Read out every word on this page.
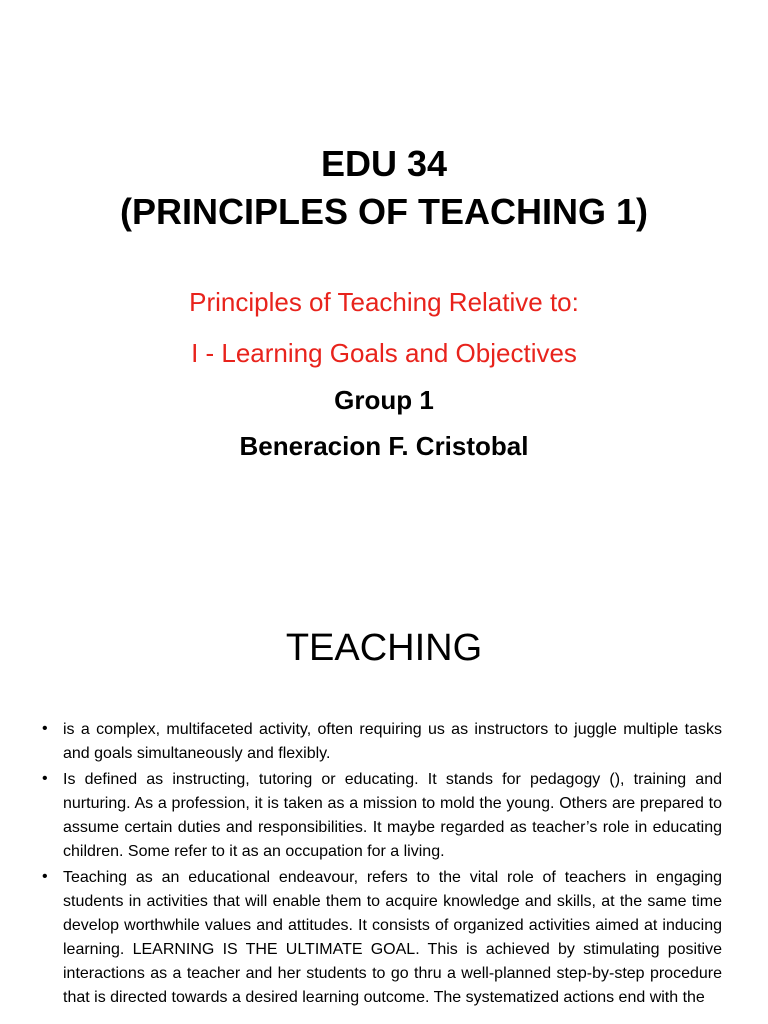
EDU 34
(PRINCIPLES OF TEACHING 1)
Principles of Teaching Relative to:
I - Learning Goals and Objectives
Group 1
Beneracion F. Cristobal
TEACHING
• is a complex, multifaceted activity, often requiring us as instructors to juggle multiple tasks and goals simultaneously and flexibly.
• Is defined as instructing, tutoring or educating. It stands for pedagogy (), training and nurturing. As a profession, it is taken as a mission to mold the young. Others are prepared to assume certain duties and responsibilities. It maybe regarded as teacher’s role in educating children. Some refer to it as an occupation for a living.
• Teaching as an educational endeavour, refers to the vital role of teachers in engaging students in activities that will enable them to acquire knowledge and skills, at the same time develop worthwhile values and attitudes. It consists of organized activities aimed at inducing learning. LEARNING IS THE ULTIMATE GOAL. This is achieved by stimulating positive interactions as a teacher and her students to go thru a well-planned step-by-step procedure that is directed towards a desired learning outcome. The systematized actions end with the
